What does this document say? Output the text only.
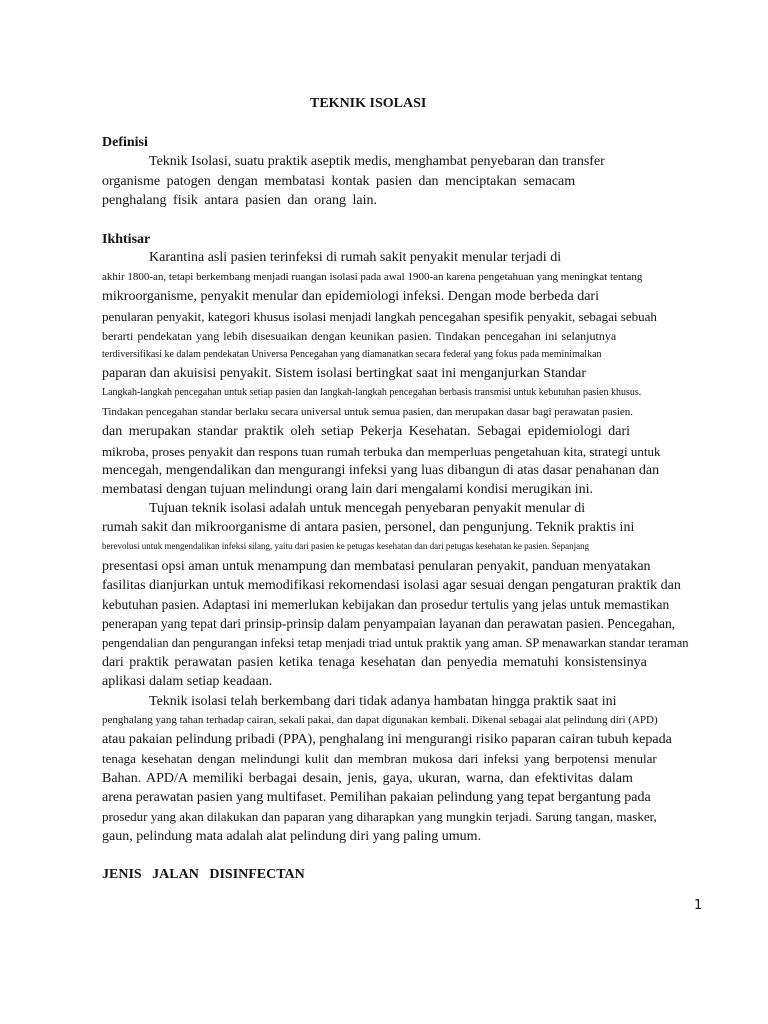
TEKNIK ISOLASI
Definisi
Teknik Isolasi, suatu praktik aseptik medis, menghambat penyebaran dan transfer
organisme patogen dengan membatasi kontak pasien dan menciptakan semacam
penghalang fisik antara pasien dan orang lain.
Ikhtisar
Karantina asli pasien terinfeksi di rumah sakit penyakit menular terjadi di
akhir 1800-an, tetapi berkembang menjadi ruangan isolasi pada awal 1900-an karena pengetahuan yang meningkat tentang
mikroorganisme, penyakit menular dan epidemiologi infeksi. Dengan mode berbeda dari
penularan penyakit, kategori khusus isolasi menjadi langkah pencegahan spesifik penyakit, sebagai sebuah
berarti pendekatan yang lebih disesuaikan dengan keunikan pasien. Tindakan pencegahan ini selanjutnya
terdiversifikasi ke dalam pendekatan Universa Pencegahan yang diamanatkan secara federal yang fokus pada meminimalkan
paparan dan akuisisi penyakit. Sistem isolasi bertingkat saat ini menganjurkan Standar
Langkah-langkah pencegahan untuk setiap pasien dan langkah-langkah pencegahan berbasis transmisi untuk kebutuhan pasien khusus.
Tindakan pencegahan standar berlaku secara universal untuk semua pasien, dan merupakan dasar bagi perawatan pasien.
dan merupakan standar praktik oleh setiap Pekerja Kesehatan. Sebagai epidemiologi dari
mikroba, proses penyakit dan respons tuan rumah terbuka dan memperluas pengetahuan kita, strategi untuk
mencegah, mengendalikan dan mengurangi infeksi yang luas dibangun di atas dasar penahanan dan
membatasi dengan tujuan melindungi orang lain dari mengalami kondisi merugikan ini.
Tujuan teknik isolasi adalah untuk mencegah penyebaran penyakit menular di
rumah sakit dan mikroorganisme di antara pasien, personel, dan pengunjung. Teknik praktis ini
berevolusi untuk mengendalikan infeksi silang, yaitu dari pasien ke petugas kesehatan dan dari petugas kesehatan ke pasien. Sepanjang
presentasi opsi aman untuk menampung dan membatasi penularan penyakit, panduan menyatakan
fasilitas dianjurkan untuk memodifikasi rekomendasi isolasi agar sesuai dengan pengaturan praktik dan
kebutuhan pasien. Adaptasi ini memerlukan kebijakan dan prosedur tertulis yang jelas untuk memastikan
penerapan yang tepat dari prinsip-prinsip dalam penyampaian layanan dan perawatan pasien. Pencegahan,
pengendalian dan pengurangan infeksi tetap menjadi triad untuk praktik yang aman. SP menawarkan standar teraman
dari praktik perawatan pasien ketika tenaga kesehatan dan penyedia mematuhi konsistensinya
aplikasi dalam setiap keadaan.
Teknik isolasi telah berkembang dari tidak adanya hambatan hingga praktik saat ini
penghalang yang tahan terhadap cairan, sekali pakai, dan dapat digunakan kembali. Dikenal sebagai alat pelindung diri (APD)
atau pakaian pelindung pribadi (PPA), penghalang ini mengurangi risiko paparan cairan tubuh kepada
tenaga kesehatan dengan melindungi kulit dan membran mukosa dari infeksi yang berpotensi menular
Bahan. APD/A memiliki berbagai desain, jenis, gaya, ukuran, warna, dan efektivitas dalam
arena perawatan pasien yang multifaset. Pemilihan pakaian pelindung yang tepat bergantung pada
prosedur yang akan dilakukan dan paparan yang diharapkan yang mungkin terjadi. Sarung tangan, masker,
gaun, pelindung mata adalah alat pelindung diri yang paling umum.
JENIS   JALAN   DISINFECTAN
1
